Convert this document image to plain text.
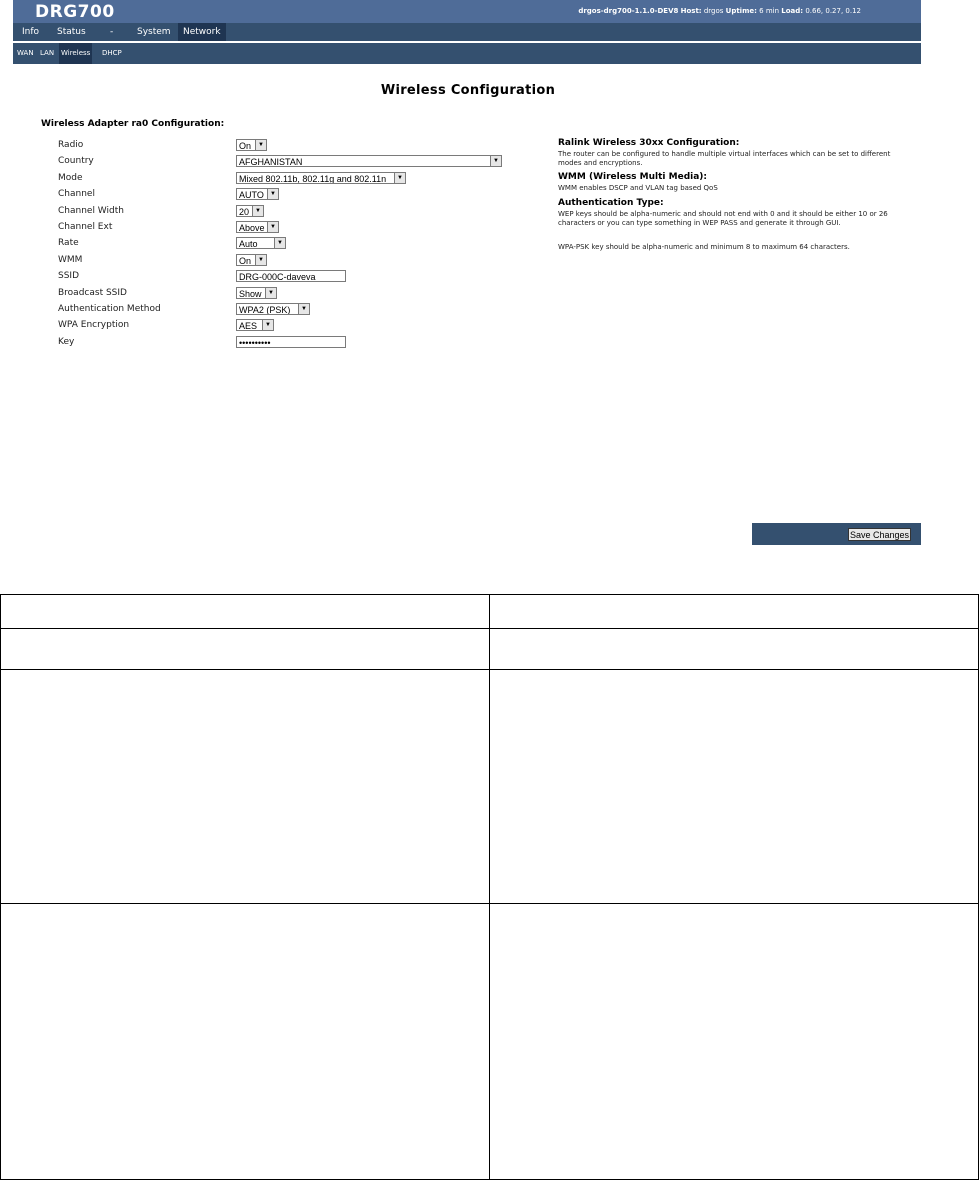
DRG700	drgos-drg700-1.1.0-DEV8 Host: drgos Uptime: 6 min Load: 0.66, 0.27, 0.12
Info	Status	-	System	Network
WAN LAN Wireless DHCP
Wireless Configuration
Wireless Adapter ra0 Configuration:
Radio	On	▼
Country	AFGHANISTAN	▼
Mode	Mixed 802.11b, 802.11g and 802.11n	▼
Channel	AUTO	▼
Channel Width	20	▼
Channel Ext	Above ▼
Rate	Auto	▼
WMM	On	▼
SSID	DRG-000C-daveva
Broadcast SSID	Show	▼
Authentication Method	WPA2 (PSK)	▼
WPA Encryption	AES	▼
Key	••••••••••
Ralink Wireless 30xx Configuration:
The router can be configured to handle multiple virtual interfaces which can be set to different modes and encryptions.
WMM (Wireless Multi Media):
WMM enables DSCP and VLAN tag based QoS
Authentication Type:
WEP keys should be alpha-numeric and should not end with 0 and it should be either 10 or 26 characters or you can type something in WEP PASS and generate it through GUI.
WPA-PSK key should be alpha-numeric and minimum 8 to maximum 64 characters.
Save Changes
